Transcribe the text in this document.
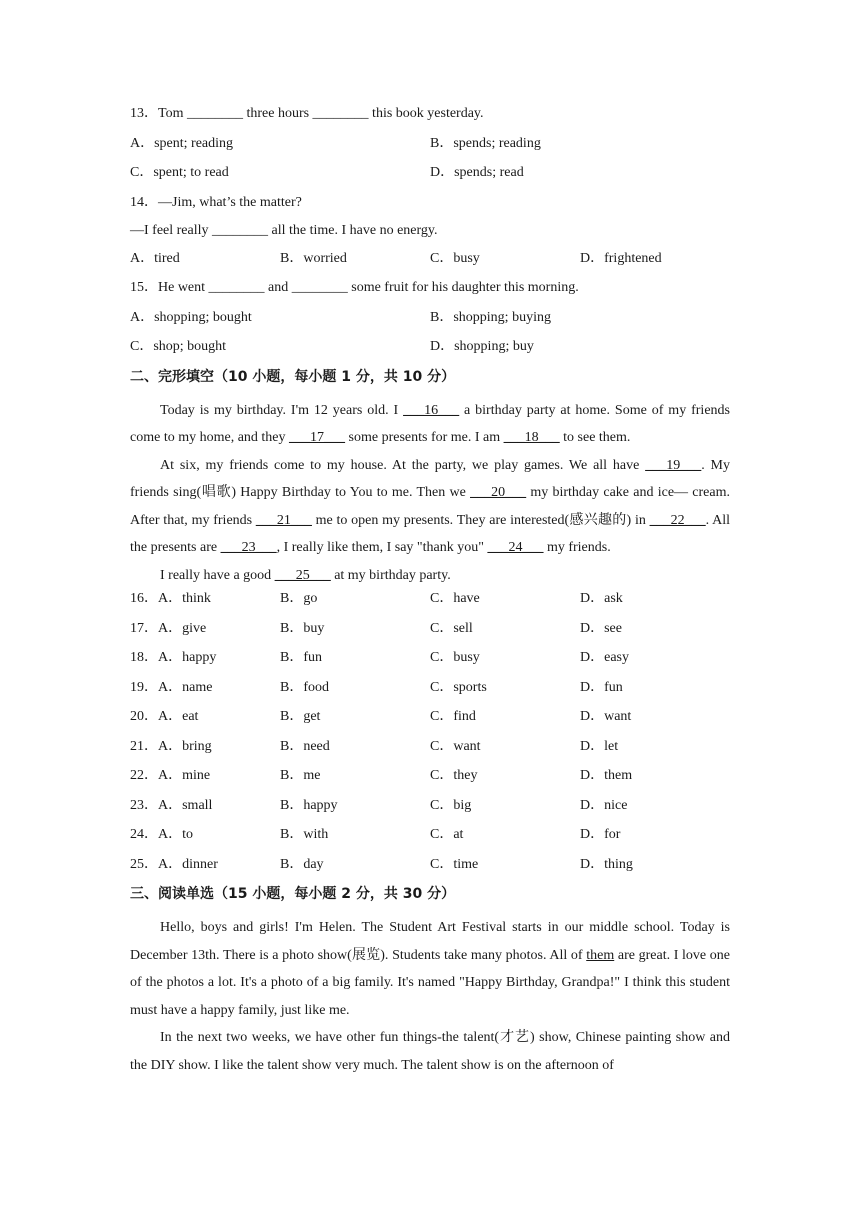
13．Tom ________ three hours ________ this book yesterday.
A．spent; reading	B．spends; reading
C．spent; to read	D．spends; read
14．—Jim, what’s the matter?
—I feel really ________ all the time. I have no energy.
A．tired	B．worried	C．busy	D．frightened
15．He went ________ and ________ some fruit for his daughter this morning.
A．shopping; bought	B．shopping; buying
C．shop; bought	D．shopping; buy
二、完形填空（10 小题，每小题 1 分，共 10 分）

Today is my birthday. I'm 12 years old. I ___16___ a birthday party at home. Some of my friends come to my home, and they ___17___ some presents for me. I am ___18___ to see them.

At six, my friends come to my house. At the party, we play games. We all have ___19___. My friends sing(唱歌) Happy Birthday to You to me. Then we ___20___ my birthday cake and ice— cream. After that, my friends ___21___ me to open my presents. They are interested(感兴趣的) in ___22___. All the presents are ___23___, I really like them, I say "thank you" ___24___ my friends.

I really have a good ___25___ at my birthday party.

16．A．think	B．go	C．have	D．ask
17．A．give	B．buy	C．sell	D．see
18．A．happy	B．fun	C．busy	D．easy
19．A．name	B．food	C．sports	D．fun
20．A．eat	B．get	C．find	D．want
21．A．bring	B．need	C．want	D．let
22．A．mine	B．me	C．they	D．them
23．A．small	B．happy	C．big	D．nice
24．A．to	B．with	C．at	D．for
25．A．dinner	B．day	C．time	D．thing
三、阅读单选（15 小题，每小题 2 分，共 30 分）

Hello, boys and girls! I'm Helen. The Student Art Festival starts in our middle school. Today is December 13th. There is a photo show(展览). Students take many photos. All of them are great. I love one of the photos a lot. It's a photo of a big family. It's named "Happy Birthday, Grandpa!" I think this student must have a happy family, just like me.

In the next two weeks, we have other fun things-the talent(才艺) show, Chinese painting show and the DIY show. I like the talent show very much. The talent show is on the afternoon of
